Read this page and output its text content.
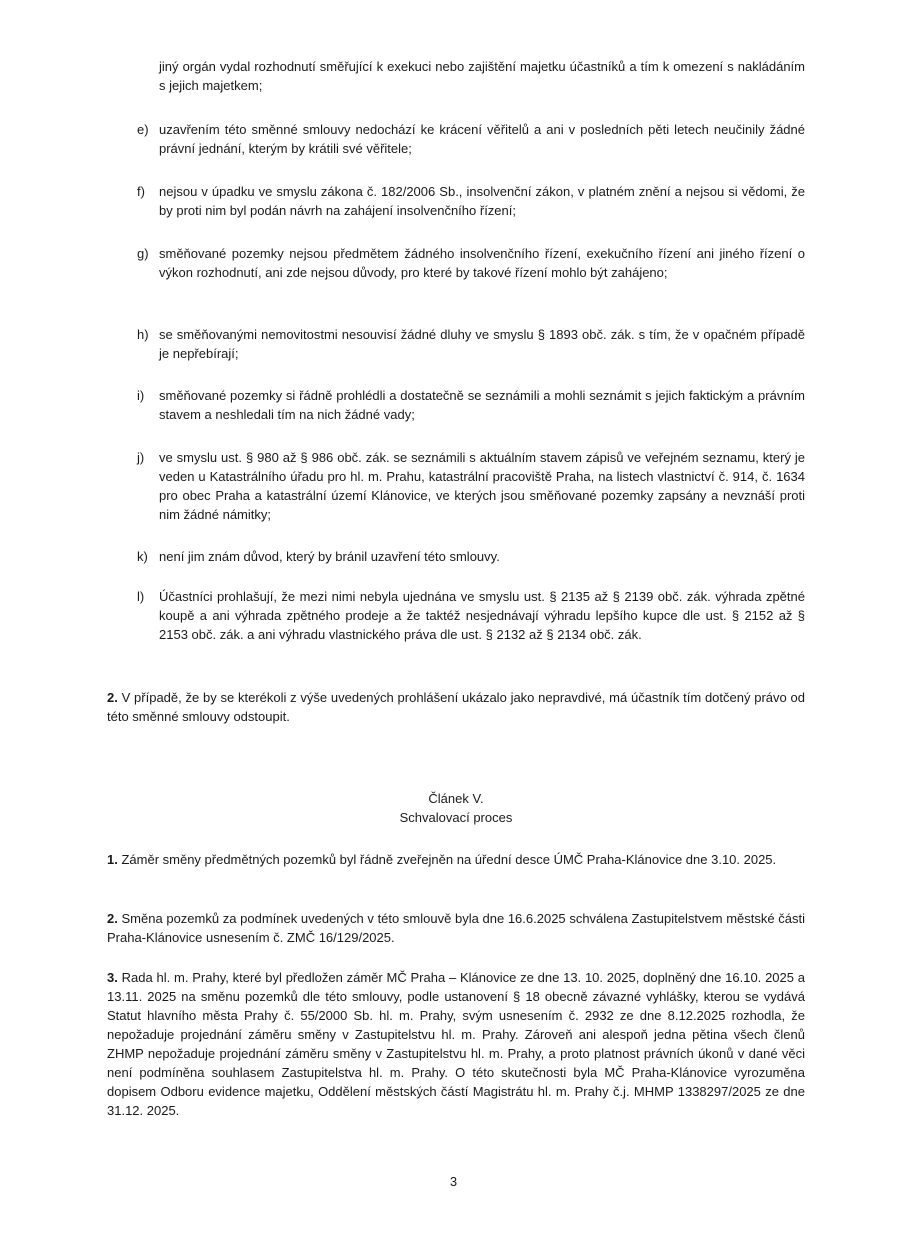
jiný orgán vydal rozhodnutí směřující k exekuci nebo zajištění majetku účastníků a tím k omezení s nakládáním s jejich majetkem;
e) uzavřením této směnné smlouvy nedochází ke krácení věřitelů a ani v posledních pěti letech neučinily žádné právní jednání, kterým by krátili své věřitele;
f) nejsou v úpadku ve smyslu zákona č. 182/2006 Sb., insolvenční zákon, v platném znění a nejsou si vědomi, že by proti nim byl podán návrh na zahájení insolvenčního řízení;
g) směňované pozemky nejsou předmětem žádného insolvenčního řízení, exekučního řízení ani jiného řízení o výkon rozhodnutí, ani zde nejsou důvody, pro které by takové řízení mohlo být zahájeno;
h) se směňovanými nemovitostmi nesouvisí žádné dluhy ve smyslu § 1893 obč. zák. s tím, že v opačném případě je nepřebírají;
i) směňované pozemky si řádně prohlédli a dostatečně se seznámili a mohli seznámit s jejich faktickým a právním stavem a neshledali tím na nich žádné vady;
j) ve smyslu ust. § 980 až § 986 obč. zák. se seznámili s aktuálním stavem zápisů ve veřejném seznamu, který je veden u Katastrálního úřadu pro hl. m. Prahu, katastrální pracoviště Praha, na listech vlastnictví č. 914, č. 1634 pro obec Praha a katastrální území Klánovice, ve kterých jsou směňované pozemky zapsány a nevznáší proti nim žádné námitky;
k) není jim znám důvod, který by bránil uzavření této smlouvy.
l) Účastníci prohlašují, že mezi nimi nebyla ujednána ve smyslu ust. § 2135 až § 2139 obč. zák. výhrada zpětné koupě a ani výhrada zpětného prodeje a že taktéž nesjednávají výhradu lepšího kupce dle ust. § 2152 až § 2153 obč. zák. a ani výhradu vlastnického práva dle ust. § 2132 až § 2134 obč. zák.
2. V případě, že by se kterékoli z výše uvedených prohlášení ukázalo jako nepravdivé, má účastník tím dotčený právo od této směnné smlouvy odstoupit.
Článek V.
Schvalovací proces
1. Záměr směny předmětných pozemků byl řádně zveřejněn na úřední desce ÚMČ Praha-Klánovice dne 3.10. 2025.
2. Směna pozemků za podmínek uvedených v této smlouvě byla dne 16.6.2025 schválena Zastupitelstvem městské části Praha-Klánovice usnesením č. ZMČ 16/129/2025.
3. Rada hl. m. Prahy, které byl předložen záměr MČ Praha – Klánovice ze dne 13. 10. 2025, doplněný dne 16.10. 2025 a 13.11. 2025 na směnu pozemků dle této smlouvy, podle ustanovení § 18 obecně závazné vyhlášky, kterou se vydává Statut hlavního města Prahy č. 55/2000 Sb. hl. m. Prahy, svým usnesením č. 2932 ze dne 8.12.2025 rozhodla, že nepožaduje projednání záměru směny v Zastupitelstvu hl. m. Prahy. Zároveň ani alespoň jedna pětina všech členů ZHMP nepožaduje projednání záměru směny v Zastupitelstvu hl. m. Prahy, a proto platnost právních úkonů v dané věci není podmíněna souhlasem Zastupitelstva hl. m. Prahy. O této skutečnosti byla MČ Praha-Klánovice vyrozuměna dopisem Odboru evidence majetku, Oddělení městských částí Magistrátu hl. m. Prahy č.j. MHMP 1338297/2025 ze dne 31.12. 2025.
3
